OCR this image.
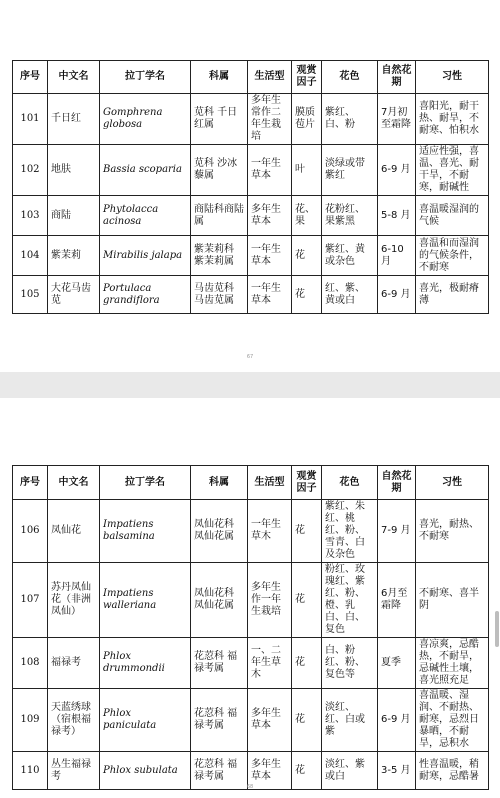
序号	中文名	拉丁学名	科属	生活型	观赏因子	花色	自然花期	习性
101	千日红	Gomphrena globosa	苋科 千日红属	多年生常作二年生栽培	膜质苞片	紫红、白、粉	7月初至霜降	喜阳光，耐干热、耐旱，不耐寒、怕积水
102	地肤	Bassia scoparia	苋科 沙冰藜属	一年生草本	叶	淡绿或带紫红	6-9 月	适应性强，喜温、喜光、耐干旱，不耐寒，耐碱性
103	商陆	Phytolacca acinosa	商陆科商陆属	多年生草本	花、果	花粉红、果紫黑	5-8 月	喜温暖湿润的气候
104	紫茉莉	Mirabilis jalapa	紫茉莉科 紫茉莉属	一年生草本	花	紫红、黄或杂色	6-10 月	喜温和而湿润的气候条件，不耐寒
105	大花马齿苋	Portulaca grandiflora	马齿苋科 马齿苋属	一年生草本	花	红、紫、黄或白	6-9 月	喜光，极耐瘠薄
67
序号	中文名	拉丁学名	科属	生活型	观赏因子	花色	自然花期	习性
106	凤仙花	Impatiens balsamina	凤仙花科 凤仙花属	一年生草木	花	紫红、朱红、桃红、粉、雪青、白及杂色	7-9 月	喜光，耐热、不耐寒
107	苏丹凤仙花（非洲凤仙）	Impatiens walleriana	凤仙花科 凤仙花属	多年生作一年生栽培	花	粉红、玫瑰红、紫红、粉、橙、乳白、白、复色	6月至霜降	不耐寒、喜半阴
108	福禄考	Phlox drummondii	花荵科 福禄考属	一、二年生草木	花	白、粉红、粉、复色等	夏季	喜凉爽，忌酷热，不耐旱，忌碱性土壤，喜光照充足
109	天蓝绣球（宿根福禄考）	Phlox paniculata	花荵科 福禄考属	多年生草本	花	淡红、红、白或紫	6-9 月	喜温暖、湿润、不耐热、耐寒，忌烈日暴晒，不耐旱，忌积水
110	丛生福禄考	Phlox subulata	花荵科 福禄考属	多年生草本	花	淡红、紫或白	3-5 月	性喜温暖，稍耐寒，忌酷暑
68
